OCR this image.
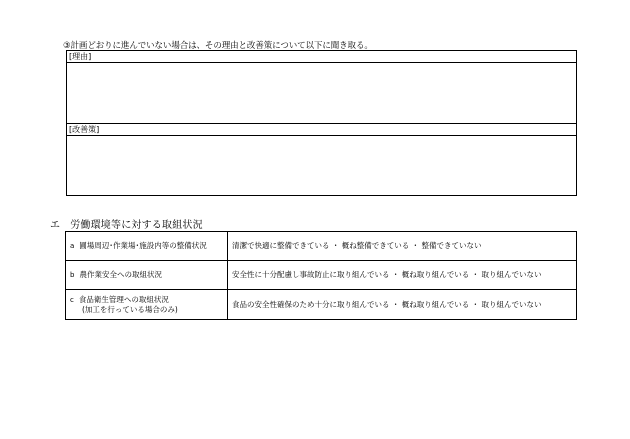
③計画どおりに進んでいない場合は、その理由と改善策について以下に聞き取る。
[理由]
[改善策]
エ 労働環境等に対する取組状況
a 圃場周辺･作業場･施設内等の整備状況	清潔で快適に整備できている ・ 概ね整備できている ・ 整備できていない
b 農作業安全への取組状況	安全性に十分配慮し事故防止に取り組んでいる ・ 概ね取り組んでいる ・ 取り組んでいない

c 食品衛生管理への取組状況
(加工を行っている場合のみ)	食品の安全性確保のため十分に取り組んでいる ・ 概ね取り組んでいる ・ 取り組んでいない
